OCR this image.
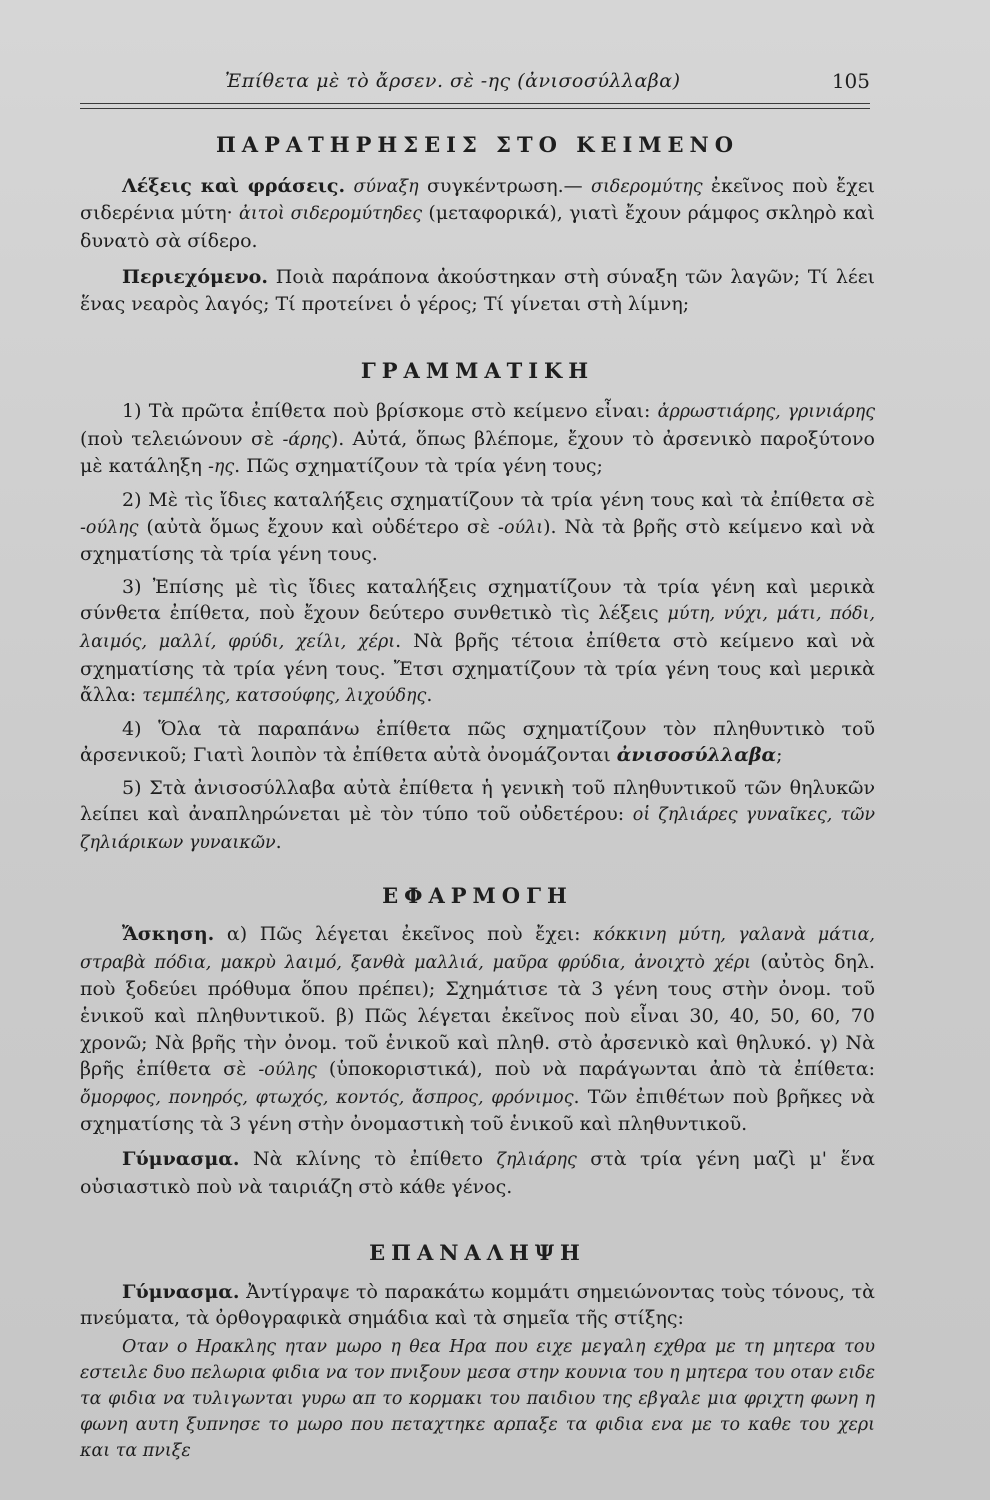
Ἐπίθετα μὲ τὸ ἄρσεν. σὲ -ης (ἀνισοσύλλαβα)	105
ΠΑΡΑΤΗΡΗΣΕΙΣ ΣΤΟ ΚΕΙΜΕΝΟ

Λέξεις καὶ φράσεις. σύναξη συγκέντρωση.— σιδερομύτης ἐκεῖνος ποὺ ἔχει σιδερένια μύτη· ἀιτοὶ σιδερομύτηδες (μεταφορικά), γιατὶ ἔχουν ράμφος σκληρὸ καὶ δυνατὸ σὰ σίδερο.

Περιεχόμενο. Ποιὰ παράπονα ἀκούστηκαν στὴ σύναξη τῶν λαγῶν; Τί λέει ἕνας νεαρὸς λαγός; Τί προτείνει ὁ γέρος; Τί γίνεται στὴ λίμνη;

ΓΡΑΜΜΑΤΙΚΗ

1) Τὰ πρῶτα ἐπίθετα ποὺ βρίσκομε στὸ κείμενο εἶναι: ἀρρωστιάρης, γρινιάρης (ποὺ τελειώνουν σὲ -άρης). Αὐτά, ὅπως βλέπομε, ἔχουν τὸ ἀρσενικὸ παροξύτονο μὲ κατάληξη -ης. Πῶς σχηματίζουν τὰ τρία γένη τους;

2) Μὲ τὶς ἴδιες καταλήξεις σχηματίζουν τὰ τρία γένη τους καὶ τὰ ἐπίθετα σὲ -ούλης (αὐτὰ ὅμως ἔχουν καὶ οὐδέτερο σὲ -ούλι). Νὰ τὰ βρῆς στὸ κείμενο καὶ νὰ σχηματίσης τὰ τρία γένη τους.

3) Ἐπίσης μὲ τὶς ἴδιες καταλήξεις σχηματίζουν τὰ τρία γένη καὶ μερικὰ σύνθετα ἐπίθετα, ποὺ ἔχουν δεύτερο συνθετικὸ τὶς λέξεις μύτη, νύχι, μάτι, πόδι, λαιμός, μαλλί, φρύδι, χείλι, χέρι. Νὰ βρῆς τέτοια ἐπίθετα στὸ κείμενο καὶ νὰ σχηματίσης τὰ τρία γένη τους. Ἔτσι σχηματίζουν τὰ τρία γένη τους καὶ μερικὰ ἄλλα: τεμπέλης, κατσούφης, λιχούδης.

4) Ὅλα τὰ παραπάνω ἐπίθετα πῶς σχηματίζουν τὸν πληθυντικὸ τοῦ ἀρσενικοῦ; Γιατὶ λοιπὸν τὰ ἐπίθετα αὐτὰ ὀνομάζονται ἀνισοσύλλαβα;

5) Στὰ ἀνισοσύλλαβα αὐτὰ ἐπίθετα ἡ γενικὴ τοῦ πληθυντικοῦ τῶν θηλυκῶν λείπει καὶ ἀναπληρώνεται μὲ τὸν τύπο τοῦ οὐδετέρου: οἱ ζηλιάρες γυναῖκες, τῶν ζηλιάρικων γυναικῶν.

ΕΦΑΡΜΟΓΗ

Ἄσκηση. α) Πῶς λέγεται ἐκεῖνος ποὺ ἔχει: κόκκινη μύτη, γαλανὰ μάτια, στραβὰ πόδια, μακρὺ λαιμό, ξανθὰ μαλλιά, μαῦρα φρύδια, ἀνοιχτὸ χέρι (αὐτὸς δηλ. ποὺ ξοδεύει πρόθυμα ὅπου πρέπει); Σχημάτισε τὰ 3 γένη τους στὴν ὀνομ. τοῦ ἑνικοῦ καὶ πληθυντικοῦ. β) Πῶς λέγεται ἐκεῖνος ποὺ εἶναι 30, 40, 50, 60, 70 χρονῶ; Νὰ βρῆς τὴν ὀνομ. τοῦ ἑνικοῦ καὶ πληθ. στὸ ἀρσενικὸ καὶ θηλυκό. γ) Νὰ βρῆς ἐπίθετα σὲ -ούλης (ὑποκοριστικά), ποὺ νὰ παράγωνται ἀπὸ τὰ ἐπίθετα: ὄμορφος, πονηρός, φτωχός, κοντός, ἄσπρος, φρόνιμος. Τῶν ἐπιθέτων ποὺ βρῆκες νὰ σχηματίσης τὰ 3 γένη στὴν ὀνομαστικὴ τοῦ ἑνικοῦ καὶ πληθυντικοῦ.

Γύμνασμα. Νὰ κλίνης τὸ ἐπίθετο ζηλιάρης στὰ τρία γένη μαζὶ μ' ἕνα οὐσιαστικὸ ποὺ νὰ ταιριάζη στὸ κάθε γένος.

ΕΠΑΝΑΛΗΨΗ

Γύμνασμα. Ἀντίγραψε τὸ παρακάτω κομμάτι σημειώνοντας τοὺς τόνους, τὰ πνεύματα, τὰ ὀρθογραφικὰ σημάδια καὶ τὰ σημεῖα τῆς στίξης:

Οταν ο Ηρακλης ηταν μωρο η θεα Ηρα που ειχε μεγαλη εχθρα με τη μητερα του εστειλε δυο πελωρια φιδια να τον πνιξουν μεσα στην κουνια του η μητερα του οταν ειδε τα φιδια να τυλιγωνται γυρω απ το κορμακι του παιδιου της εβγαλε μια φριχτη φωνη η φωνη αυτη ξυπνησε το μωρο που πεταχτηκε αρπαξε τα φιδια ενα με το καθε του χερι και τα πνιξε
